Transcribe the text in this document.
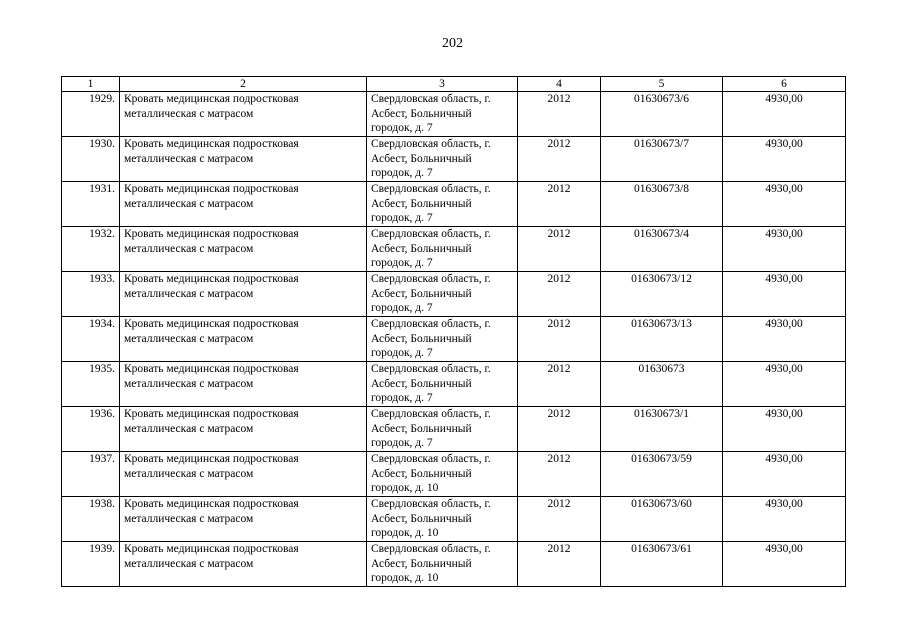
202
1	2	3	4	5	6
1929.	Кровать медицинская подростковая металлическая с матрасом	Свердловская область, г. Асбест, Больничный городок, д. 7	2012	01630673/6	4930,00
1930.	Кровать медицинская подростковая металлическая с матрасом	Свердловская область, г. Асбест, Больничный городок, д. 7	2012	01630673/7	4930,00
1931.	Кровать медицинская подростковая металлическая с матрасом	Свердловская область, г. Асбест, Больничный городок, д. 7	2012	01630673/8	4930,00
1932.	Кровать медицинская подростковая металлическая с матрасом	Свердловская область, г. Асбест, Больничный городок, д. 7	2012	01630673/4	4930,00
1933.	Кровать медицинская подростковая металлическая с матрасом	Свердловская область, г. Асбест, Больничный городок, д. 7	2012	01630673/12	4930,00
1934.	Кровать медицинская подростковая металлическая с матрасом	Свердловская область, г. Асбест, Больничный городок, д. 7	2012	01630673/13	4930,00
1935.	Кровать медицинская подростковая металлическая с матрасом	Свердловская область, г. Асбест, Больничный городок, д. 7	2012	01630673	4930,00
1936.	Кровать медицинская подростковая металлическая с матрасом	Свердловская область, г. Асбест, Больничный городок, д. 7	2012	01630673/1	4930,00
1937.	Кровать медицинская подростковая металлическая с матрасом	Свердловская область, г. Асбест, Больничный городок, д. 10	2012	01630673/59	4930,00
1938.	Кровать медицинская подростковая металлическая с матрасом	Свердловская область, г. Асбест, Больничный городок, д. 10	2012	01630673/60	4930,00
1939.	Кровать медицинская подростковая металлическая с матрасом	Свердловская область, г. Асбест, Больничный городок, д. 10	2012	01630673/61	4930,00
